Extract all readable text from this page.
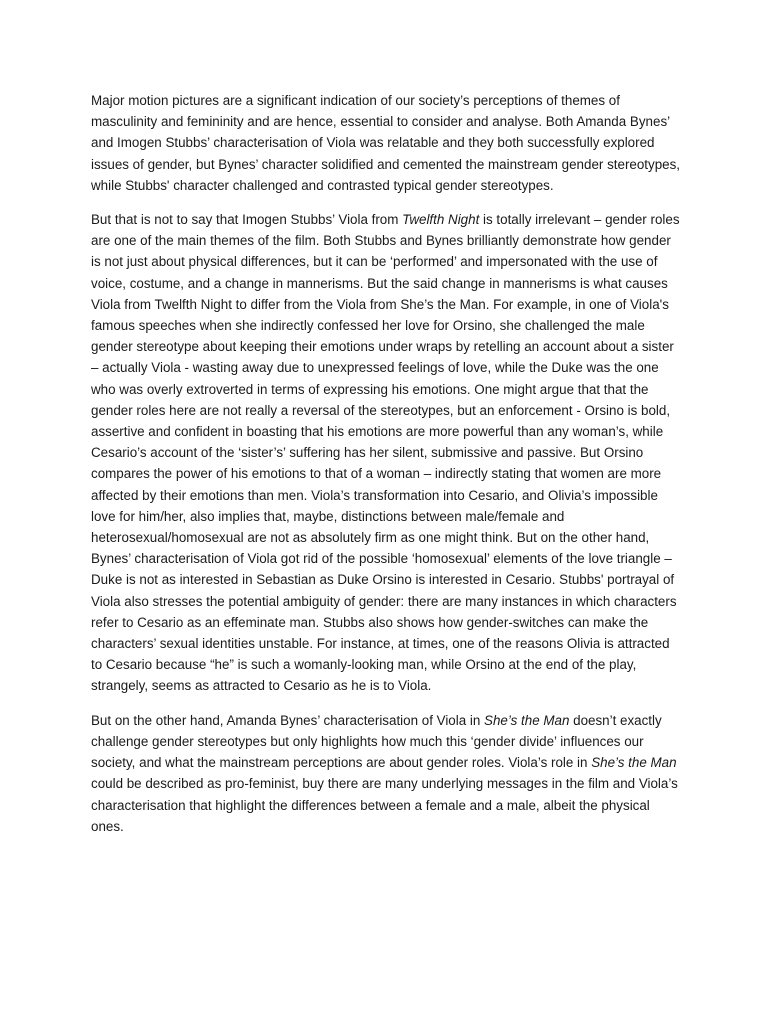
Major motion pictures are a significant indication of our society’s perceptions of themes of masculinity and femininity and are hence, essential to consider and analyse. Both Amanda Bynes’ and Imogen Stubbs’ characterisation of Viola was relatable and they both successfully explored issues of gender, but Bynes’ character solidified and cemented the mainstream gender stereotypes, while Stubbs' character challenged and contrasted typical gender stereotypes.

But that is not to say that Imogen Stubbs’ Viola from Twelfth Night is totally irrelevant – gender roles are one of the main themes of the film. Both Stubbs and Bynes brilliantly demonstrate how gender is not just about physical differences, but it can be ‘performed’ and impersonated with the use of voice, costume, and a change in mannerisms. But the said change in mannerisms is what causes Viola from Twelfth Night to differ from the Viola from She’s the Man. For example, in one of Viola's famous speeches when she indirectly confessed her love for Orsino, she challenged the male gender stereotype about keeping their emotions under wraps by retelling an account about a sister – actually Viola - wasting away due to unexpressed feelings of love, while the Duke was the one who was overly extroverted in terms of expressing his emotions. One might argue that that the gender roles here are not really a reversal of the stereotypes, but an enforcement - Orsino is bold, assertive and confident in boasting that his emotions are more powerful than any woman’s, while Cesario’s account of the ‘sister’s’ suffering has her silent, submissive and passive. But Orsino compares the power of his emotions to that of a woman – indirectly stating that women are more affected by their emotions than men. Viola’s transformation into Cesario, and Olivia’s impossible love for him/her, also implies that, maybe, distinctions between male/female and heterosexual/homosexual are not as absolutely firm as one might think. But on the other hand, Bynes’ characterisation of Viola got rid of the possible ‘homosexual’ elements of the love triangle – Duke is not as interested in Sebastian as Duke Orsino is interested in Cesario. Stubbs' portrayal of Viola also stresses the potential ambiguity of gender: there are many instances in which characters refer to Cesario as an effeminate man. Stubbs also shows how gender-switches can make the characters’ sexual identities unstable. For instance, at times, one of the reasons Olivia is attracted to Cesario because “he” is such a womanly-looking man, while Orsino at the end of the play, strangely, seems as attracted to Cesario as he is to Viola.

But on the other hand, Amanda Bynes’ characterisation of Viola in She’s the Man doesn’t exactly challenge gender stereotypes but only highlights how much this ‘gender divide’ influences our society, and what the mainstream perceptions are about gender roles. Viola’s role in She’s the Man could be described as pro-feminist, buy there are many underlying messages in the film and Viola’s characterisation that highlight the differences between a female and a male, albeit the physical ones.
